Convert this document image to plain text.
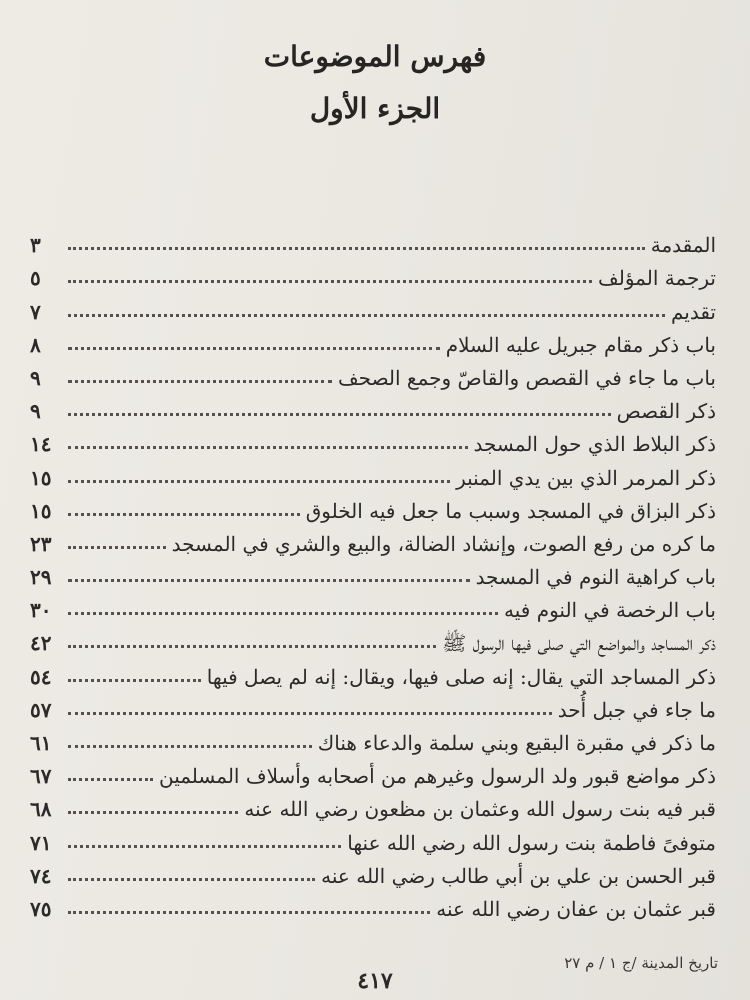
فهرس الموضوعات
الجزء الأول
المقدمة
٣
ترجمة المؤلف
٥
تقديم
٧
باب ذكر مقام جبريل عليه السلام
٨
باب ما جاء في القصص والقاصّ وجمع الصحف
٩
ذكر القصص
٩
ذكر البلاط الذي حول المسجد
١٤
ذكر المرمر الذي بين يدي المنبر
١٥
ذكر البزاق في المسجد وسبب ما جعل فيه الخلوق
١٥
ما كره من رفع الصوت، وإنشاد الضالة، والبيع والشري في المسجد
٢٣
باب كراهية النوم في المسجد
٢٩
باب الرخصة في النوم فيه
٣٠
ذكر المساجد والمواضع التي صلى فيها الرسول ﷺ
٤٢
ذكر المساجد التي يقال: إنه صلى فيها، ويقال: إنه لم يصل فيها
٥٤
ما جاء في جبل أُحد
٥٧
ما ذكر في مقبرة البقيع وبني سلمة والدعاء هناك
٦١
ذكر مواضع قبور ولد الرسول وغيرهم من أصحابه وأسلاف المسلمين
٦٧
قبر فيه بنت رسول الله وعثمان بن مظعون رضي الله عنه
٦٨
متوفىً فاطمة بنت رسول الله رضي الله عنها
٧١
قبر الحسن بن علي بن أبي طالب رضي الله عنه
٧٤
قبر عثمان بن عفان رضي الله عنه
٧٥
تاريخ المدينة /ج ١ / م ٢٧
٤١٧
